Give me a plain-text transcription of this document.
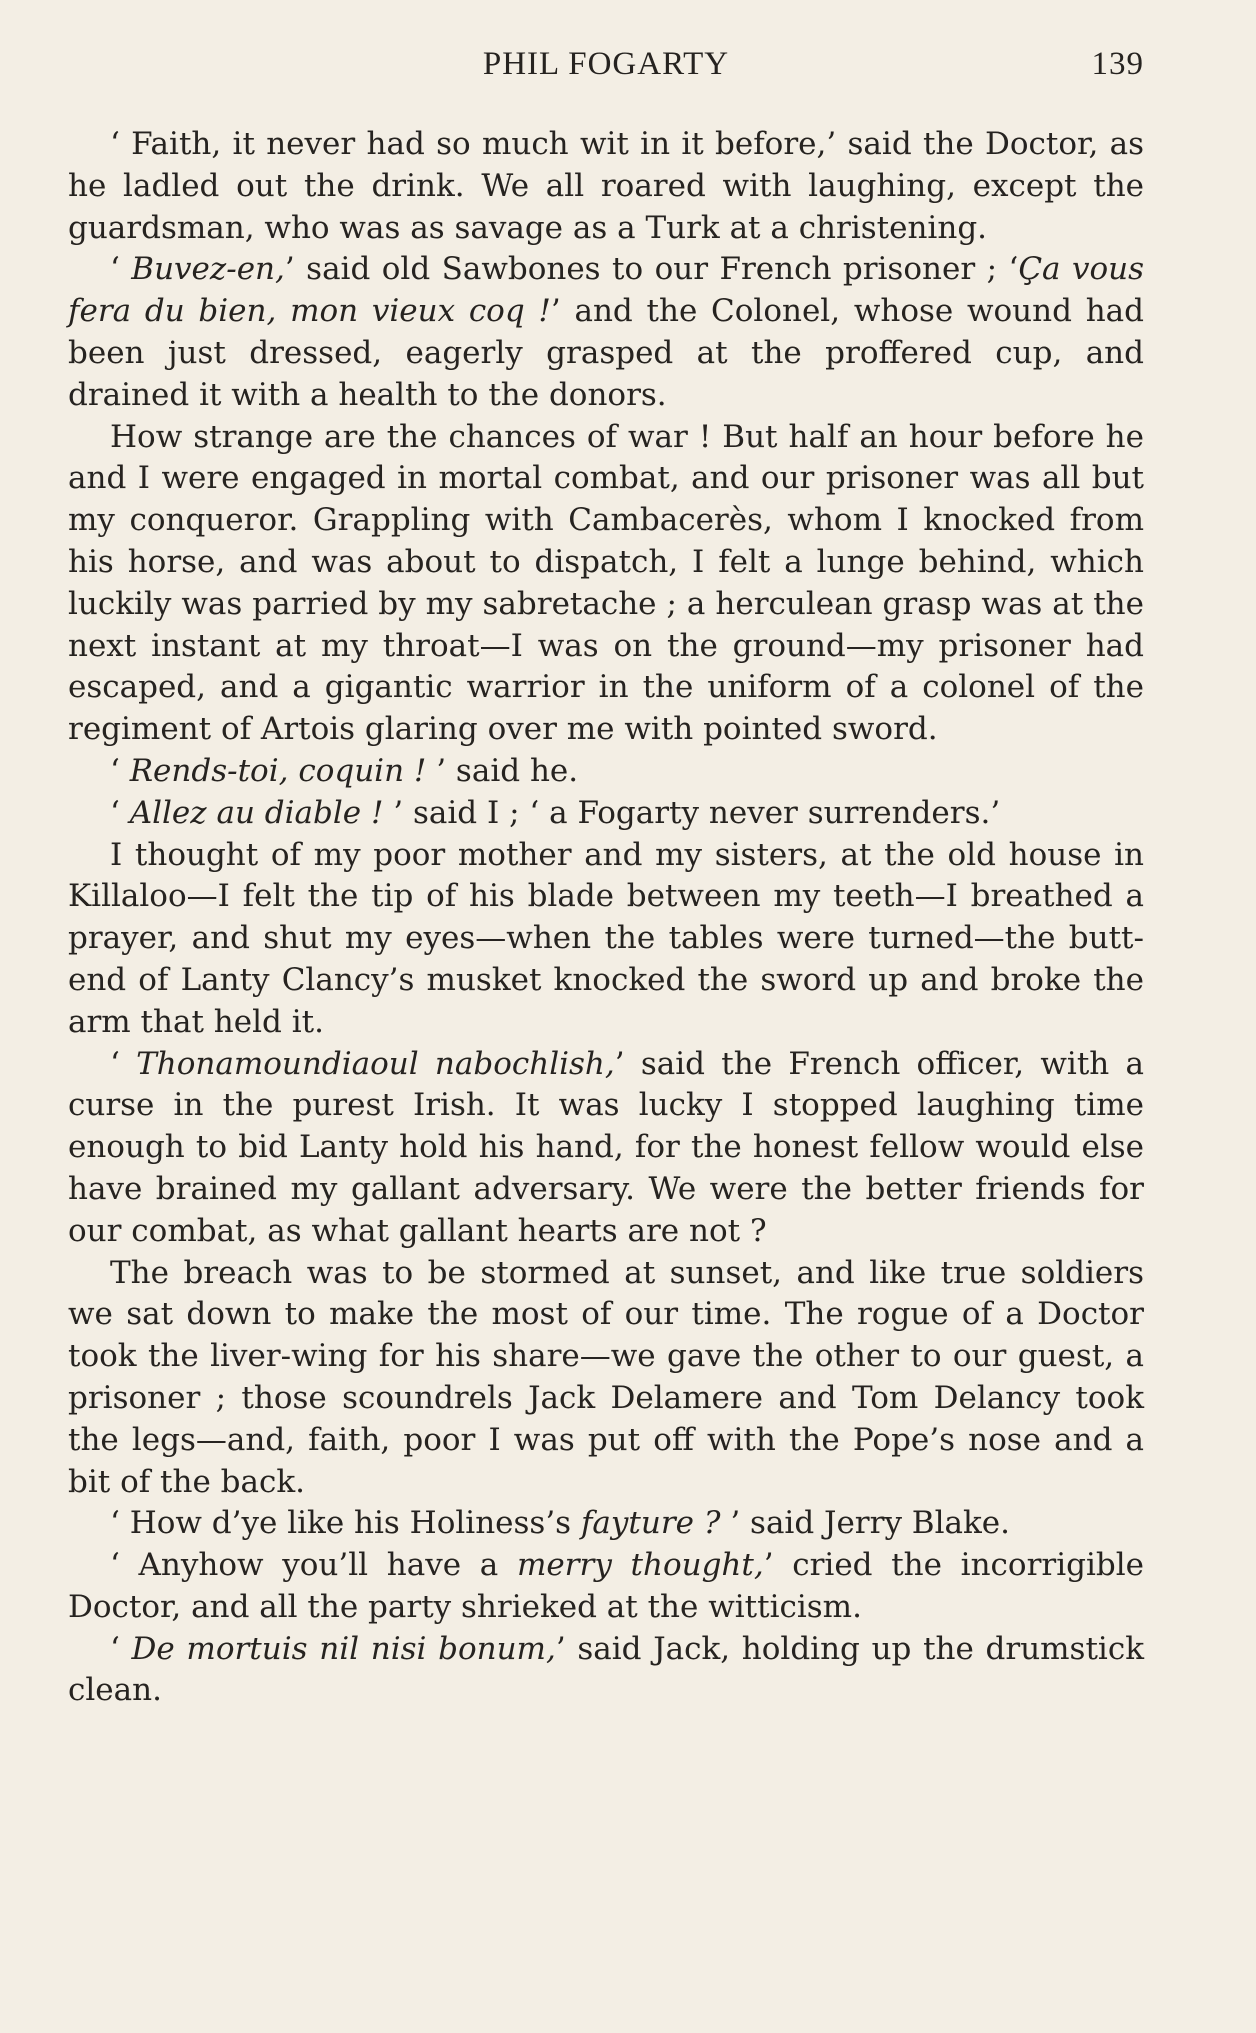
PHIL FOGARTY	139

‘ Faith, it never had so much wit in it before,’ said the Doctor, as he ladled out the drink. We all roared with laughing, except the guardsman, who was as savage as a Turk at a christening.

‘ Buvez-en,’ said old Sawbones to our French prisoner ; ‘Ça vous fera du bien, mon vieux coq !’ and the Colonel, whose wound had been just dressed, eagerly grasped at the proffered cup, and drained it with a health to the donors.

How strange are the chances of war ! But half an hour before he and I were engaged in mortal combat, and our prisoner was all but my conqueror. Grappling with Cambacerès, whom I knocked from his horse, and was about to dispatch, I felt a lunge behind, which luckily was parried by my sabretache ; a herculean grasp was at the next instant at my throat—I was on the ground—my prisoner had escaped, and a gigantic warrior in the uniform of a colonel of the regiment of Artois glaring over me with pointed sword.

‘ Rends-toi, coquin ! ’ said he.

‘ Allez au diable ! ’ said I ; ‘ a Fogarty never surrenders.’

I thought of my poor mother and my sisters, at the old house in Killaloo—I felt the tip of his blade between my teeth—I breathed a prayer, and shut my eyes—when the tables were turned—the butt-end of Lanty Clancy’s musket knocked the sword up and broke the arm that held it.

‘ Thonamoundiaoul nabochlish,’ said the French officer, with a curse in the purest Irish. It was lucky I stopped laughing time enough to bid Lanty hold his hand, for the honest fellow would else have brained my gallant adversary. We were the better friends for our combat, as what gallant hearts are not ?

The breach was to be stormed at sunset, and like true soldiers we sat down to make the most of our time. The rogue of a Doctor took the liver-wing for his share—we gave the other to our guest, a prisoner ; those scoundrels Jack Delamere and Tom Delancy took the legs—and, faith, poor I was put off with the Pope’s nose and a bit of the back.

‘ How d’ye like his Holiness’s fayture ? ’ said Jerry Blake.

‘ Anyhow you’ll have a merry thought,’ cried the incorrigible Doctor, and all the party shrieked at the witticism.

‘ De mortuis nil nisi bonum,’ said Jack, holding up the drumstick clean.
